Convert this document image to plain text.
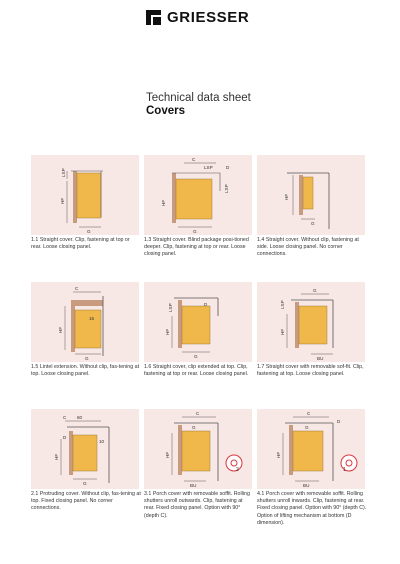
GRIESSER
Technical data sheet
Covers
LSP
HF
G
1.1 Straight cover. Clip, fastening at top or rear. Loose closing panel.
C
LSP	D
HF
LSP
G
1.3 Straight cover. Blind package posi-tioned deeper. Clip, fastening at top or rear. Loose closing panel.
HF
G
1.4 Straight cover. Without clip, fastening at side. Loose closing panel. No corner connections.
C
15
HF
G
1.5 Lintel extension. Without clip, fas-tening at top. Loose closing panel.
LSP	D
HF
G
1.6 Straight cover, clip extended at top. Clip, fastening at top or rear. Loose closing panel.
LSP
G
HF
BU
1.7 Straight cover with removable sof-fit. Clip, fastening at top. Loose closing panel.
C 60
D
10
HF
G
2.1 Protruding cover. Without clip, fas-tening at top. Fixed closing panel. No corner connections.
C
G
HF
BU
2
3.1 Porch cover with removable soffit. Rolling shutters unroll outwards. Clip, fastening at rear. Fixed closing panel. Option with 90° (depth C).
C
G
D
HF
BU
1
4.1 Porch cover with removable soffit. Rolling shutters unroll inwards. Clip, fastening at rear. Fixed closing panel. Option with 90° (depth C). Option of lifting mechanism at bottom (D dimension).
